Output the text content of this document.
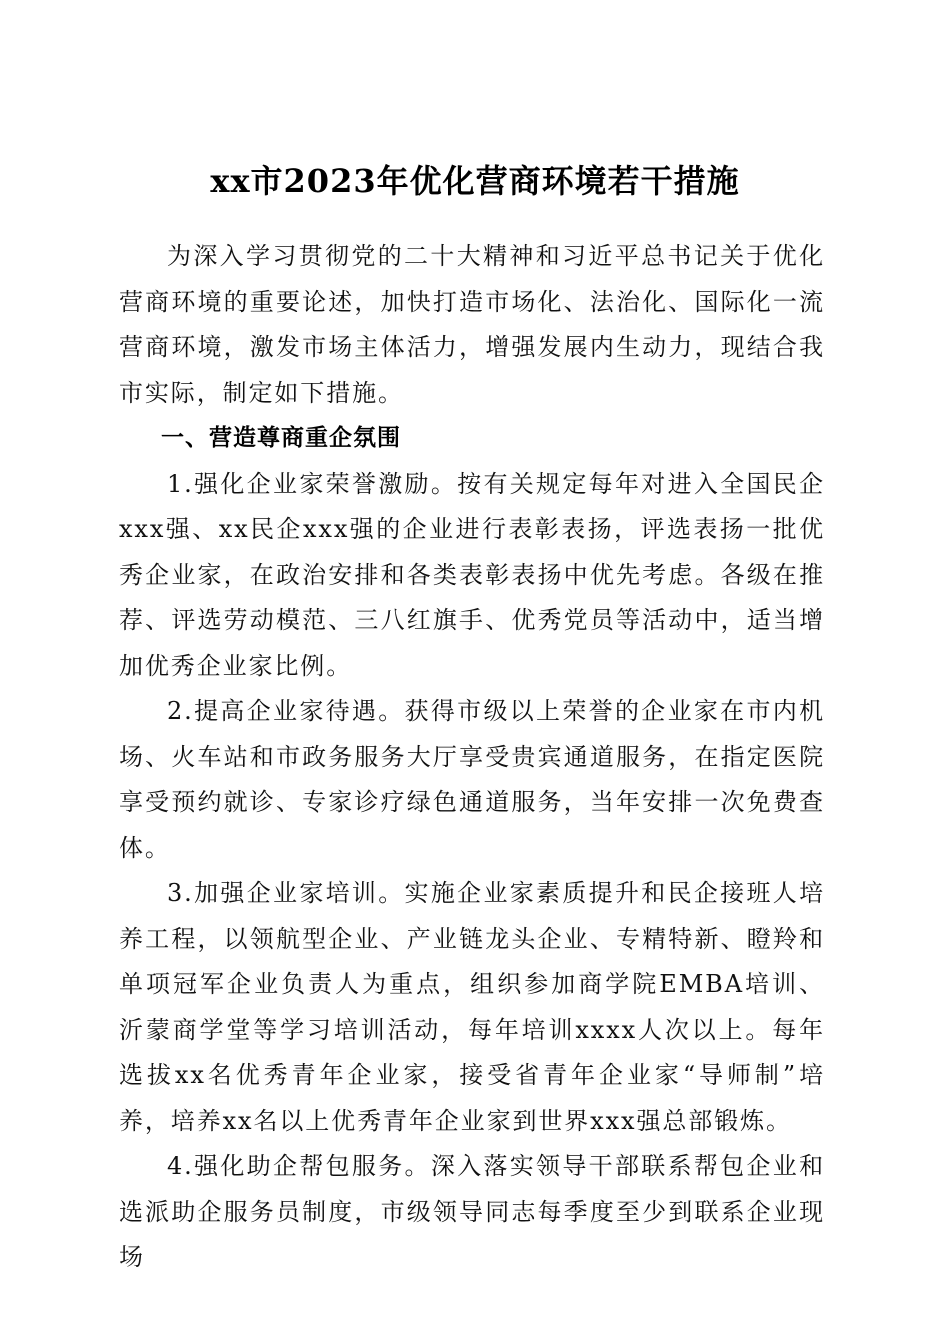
xx市2023年优化营商环境若干措施

为深入学习贯彻党的二十大精神和习近平总书记关于优化营商环境的重要论述，加快打造市场化、法治化、国际化一流营商环境，激发市场主体活力，增强发展内生动力，现结合我市实际，制定如下措施。

一、营造尊商重企氛围

1.强化企业家荣誉激励。按有关规定每年对进入全国民企xxx强、xx民企xxx强的企业进行表彰表扬，评选表扬一批优秀企业家，在政治安排和各类表彰表扬中优先考虑。各级在推荐、评选劳动模范、三八红旗手、优秀党员等活动中，适当增加优秀企业家比例。

2.提高企业家待遇。获得市级以上荣誉的企业家在市内机场、火车站和市政务服务大厅享受贵宾通道服务，在指定医院享受预约就诊、专家诊疗绿色通道服务，当年安排一次免费查体。

3.加强企业家培训。实施企业家素质提升和民企接班人培养工程，以领航型企业、产业链龙头企业、专精特新、瞪羚和单项冠军企业负责人为重点，组织参加商学院EMBA培训、沂蒙商学堂等学习培训活动，每年培训xxxx人次以上。每年选拔xx名优秀青年企业家，接受省青年企业家“导师制”培养，培养xx名以上优秀青年企业家到世界xxx强总部锻炼。

4.强化助企帮包服务。深入落实领导干部联系帮包企业和选派助企服务员制度，市级领导同志每季度至少到联系企业现场
